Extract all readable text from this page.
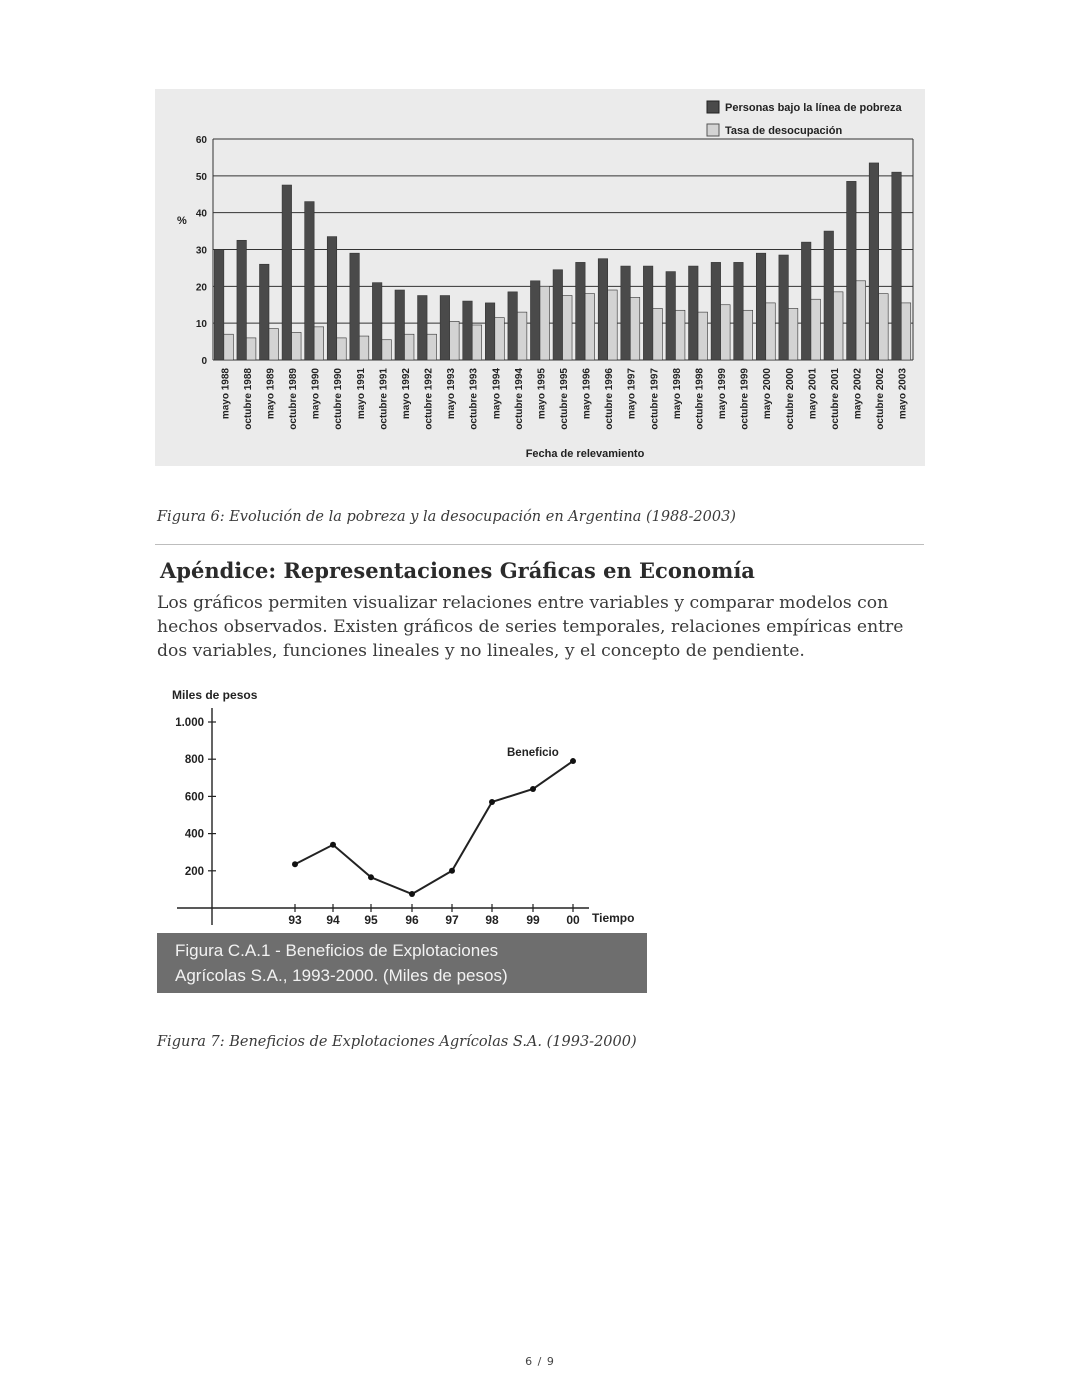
0
10
20
30
40
50
60
mayo 1988 octubre 1988 mayo 1989 octubre 1989 mayo 1990 octubre 1990 mayo 1991 octubre 1991 mayo 1992 octubre 1992 mayo 1993 octubre 1993 mayo 1994 octubre 1994 mayo 1995 octubre 1995 mayo 1996 octubre 1996 mayo 1997 octubre 1997 mayo 1998 octubre 1998 mayo 1999 octubre 1999 mayo 2000 octubre 2000 mayo 2001 octubre 2001 mayo 2002 octubre 2002 mayo 2003
%
Fecha de relevamiento
Personas bajo la línea de pobreza
Tasa de desocupación
Figura 6: Evolución de la pobreza y la desocupación en Argentina (1988-2003)
Apéndice: Representaciones Gráficas en Economía

Los gráficos permiten visualizar relaciones entre variables y comparar modelos con hechos observados. Existen gráficos de series temporales, relaciones empíricas entre dos variables, funciones lineales y no lineales, y el concepto de pendiente.

200
400
600
800
1.000
93 94 95 96 97 98 99 00
Miles de pesos
Tiempo
Beneficio
Figura C.A.1 - Beneficios de Explotaciones
Agrícolas S.A., 1993-2000. (Miles de pesos)
Figura 7: Beneficios de Explotaciones Agrícolas S.A. (1993-2000)
6 / 9
